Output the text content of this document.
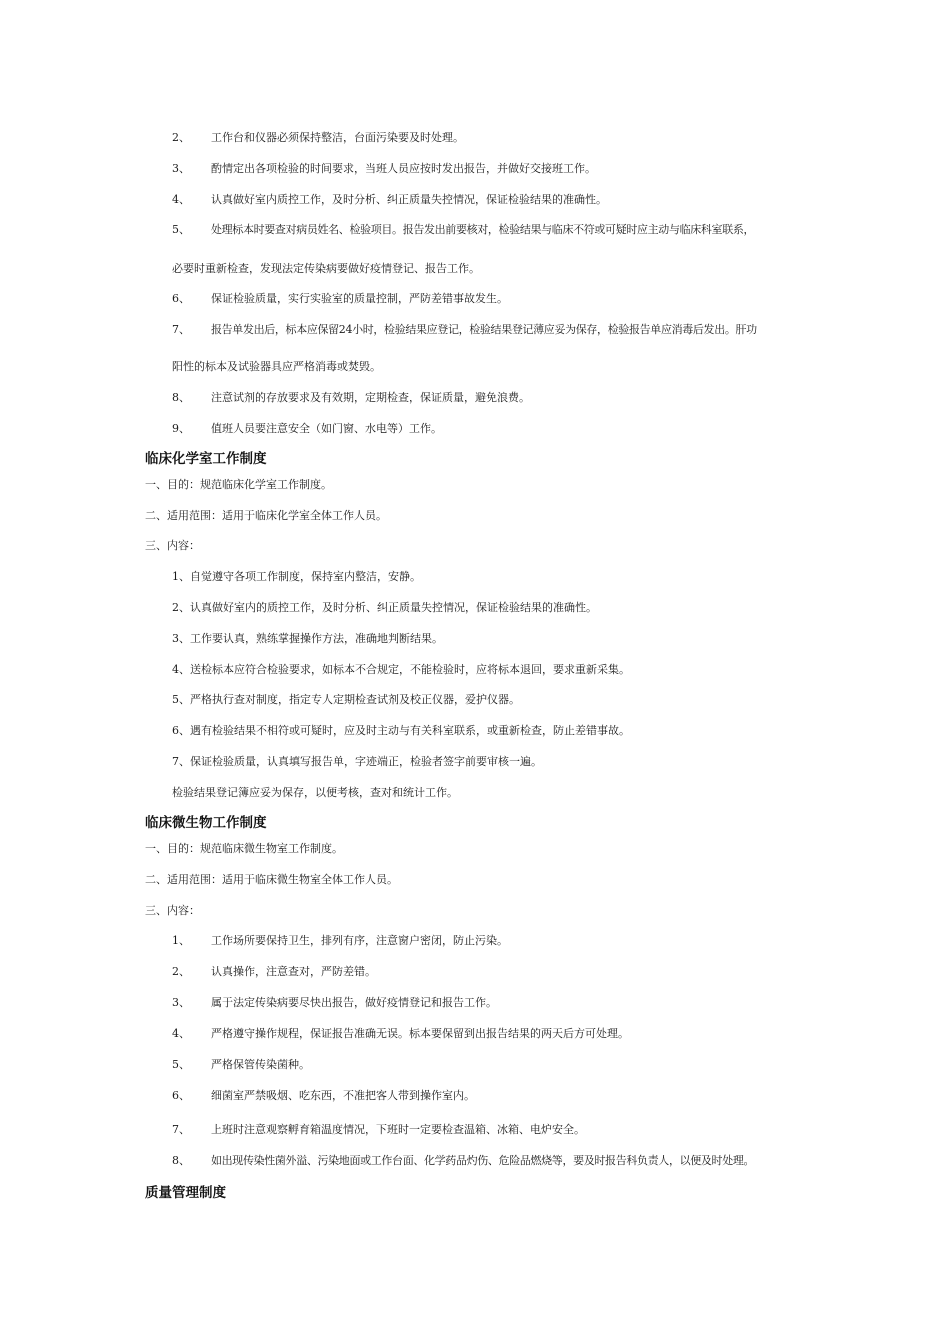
2、 工作台和仪器必须保持整洁，台面污染要及时处理。
3、 酌情定出各项检验的时间要求，当班人员应按时发出报告，并做好交接班工作。
4、 认真做好室内质控工作，及时分析、纠正质量失控情况，保证检验结果的准确性。
5、 处理标本时要查对病员姓名、检验项目。报告发出前要核对，检验结果与临床不符或可疑时应主动与临床科室联系，
必要时重新检查，发现法定传染病要做好疫情登记、报告工作。
6、 保证检验质量，实行实验室的质量控制，严防差错事故发生。
7、 报告单发出后，标本应保留24小时，检验结果应登记，检验结果登记薄应妥为保存，检验报告单应消毒后发出。肝功
阳性的标本及试验器具应严格消毒或焚毁。
8、 注意试剂的存放要求及有效期，定期检查，保证质量，避免浪费。
9、 值班人员要注意安全（如门窗、水电等）工作。
临床化学室工作制度
一、目的：规范临床化学室工作制度。
二、适用范围：适用于临床化学室全体工作人员。
三、内容：
1、自觉遵守各项工作制度，保持室内整洁，安静。
2、认真做好室内的质控工作，及时分析、纠正质量失控情况，保证检验结果的准确性。
3、工作要认真，熟练掌握操作方法，准确地判断结果。
4、送检标本应符合检验要求，如标本不合规定，不能检验时，应将标本退回，要求重新采集。
5、严格执行查对制度，指定专人定期检查试剂及校正仪器，爱护仪器。
6、遇有检验结果不相符或可疑时，应及时主动与有关科室联系，或重新检查，防止差错事故。
7、保证检验质量，认真填写报告单，字迹端正，检验者签字前要审核一遍。
检验结果登记簿应妥为保存，以便考核，查对和统计工作。
临床微生物工作制度
一、目的：规范临床微生物室工作制度。
二、适用范围：适用于临床微生物室全体工作人员。
三、内容：
1、 工作场所要保持卫生，排列有序，注意窗户密闭，防止污染。
2、 认真操作，注意查对，严防差错。
3、 属于法定传染病要尽快出报告，做好疫情登记和报告工作。
4、 严格遵守操作规程，保证报告准确无误。标本要保留到出报告结果的两天后方可处理。
5、 严格保管传染菌种。
6、 细菌室严禁吸烟、吃东西，不准把客人带到操作室内。
7、 上班时注意观察孵育箱温度情况，下班时一定要检查温箱、冰箱、电炉安全。
8、 如出现传染性菌外溢、污染地面或工作台面、化学药品灼伤、危险品燃烧等，要及时报告科负责人，以便及时处理。
质量管理制度
